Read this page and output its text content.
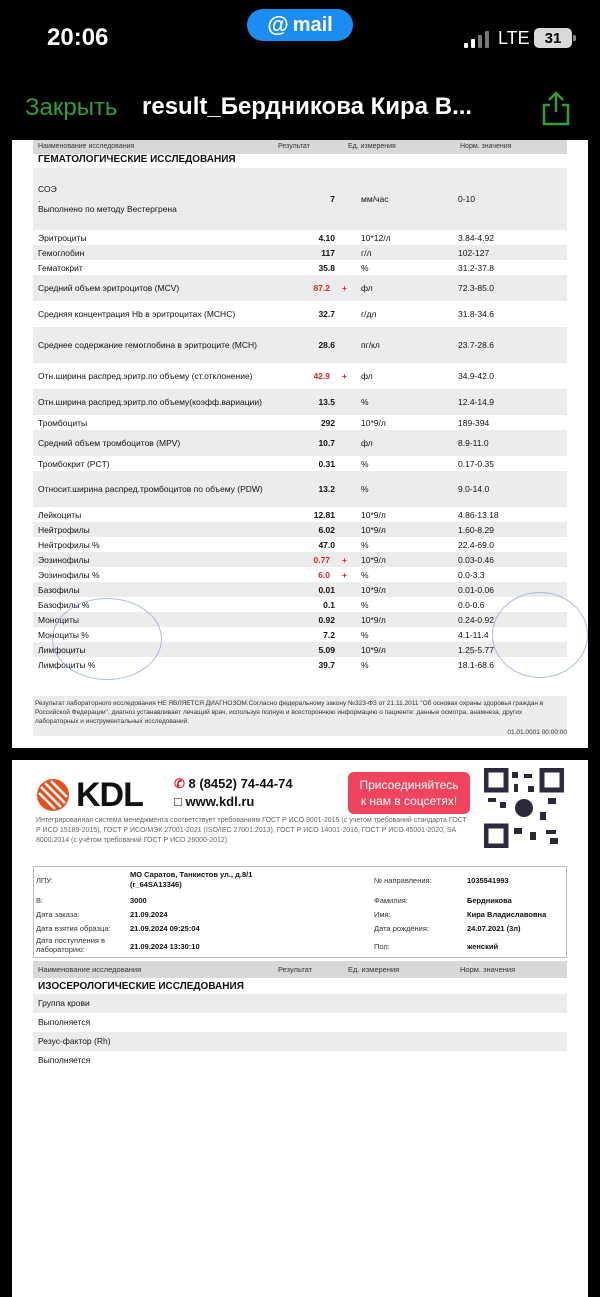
20:06	@ mail
LTE 31
Закрыть result_Бердникова Кира В...
Наименование исследования	Результат	Ед. измерения	Норм. значения
ГЕМАТОЛОГИЧЕСКИЕ ИССЛЕДОВАНИЯ
СОЭ
.
Выполнено по методу Вестергрена	7	мм/час	0-10
Эритроциты	4.10	10*12/л	3.84-4.92
Гемоглобин	117	г/л	102-127
Гематокрит	35.8	%	31.2-37.8
Средний объем эритроцитов (MCV)	87.2 +	фл	72.3-85.0
Средняя концентрация Hb в эритроцитах (MCHC)	32.7	г/дл	31.8-34.6
Среднее содержание гемоглобина в эритроците (MCH)	28.6	пг/кл	23.7-28.6
Отн.ширина распред.эритр.по объему (ст.отклонение)	42.9 +	фл	34.9-42.0
Отн.ширина распред.эритр.по объему(коэфф.вариации)	13.5	%	12.4-14.9
Тромбоциты	292	10*9/л	189-394
Средний объем тромбоцитов (MPV)	10.7	фл	8.9-11.0
Тромбокрит (PCT)	0.31	%	0.17-0.35
Относит.ширина распред.тромбоцитов по объему (PDW)	13.2	%	9.0-14.0
Лейкоциты	12.81	10*9/л	4.86-13.18
Нейтрофилы	6.02	10*9/л	1.60-8.29
Нейтрофилы %	47.0	%	22.4-69.0
Эозинофилы	0.77 +	10*9/л	0.03-0.46
Эозинофилы %	6.0 +	%	0.0-3.3
Базофилы	0.01	10*9/л	0.01-0.06
Базофилы %	0.1	%	0.0-0.6
Моноциты	0.92	10*9/л	0.24-0.92
Моноциты %	7.2	%	4.1-11.4
Лимфоциты	5.09	10*9/л	1.25-5.77
Лимфоциты %	39.7	%	18.1-68.6
Результат лабораторного исследования НЕ ЯВЛЯЕТСЯ ДИАГНОЗОМ.Согласно федеральному закону №323-ФЗ от 21.11.2011 "Об основах охраны здоровья граждан в Российской Федерации", диагноз устанавливает лечащий врач, используя полную и всестороннюю информацию о пациенте: данные осмотра, анамнеза, других лабораторных и инструментальных исследований.
01.01.0001 00:00:00
KDL ✆ 8 (8452) 74-44-74
□ www.kdl.ru
Присоединяйтесь
к нам в соцсетях!
Интегрированная система менеджмента соответствует требованиям ГОСТ Р ИСО 9001-2015 (с учетом требований стандарта ГОСТ Р ИСО 15189-2015), ГОСТ Р ИСО/МЭК 27001-2021 (ISO/IEC 27001:2013), ГОСТ Р ИСО 14001-2016, ГОСТ Р ИСО 45001-2020, SA 8000:2014 (с учётом требований ГОСТ Р ИСО 26000-2012)
ЛПУ:
МО Саратов, Танкистов ул., д.8/1 (r_64SA13346)
В:	3000
Дата заказа:	21.09.2024
Дата взятия образца:	21.09.2024 09:25:04
Дата поступления в лабораторию:	21.09.2024 13:30:10
№ направления:	1035541993
Фамилия:	Бердникова
Имя:	Кира Владиславовна
Дата рождения:	24.07.2021 (3л)
Пол:	женский
Наименование исследования	Результат	Ед. измерения	Норм. значения
ИЗОСЕРОЛОГИЧЕСКИЕ ИССЛЕДОВАНИЯ
Группа крови
Выполняется
Резус-фактор (Rh)
Выполняется
